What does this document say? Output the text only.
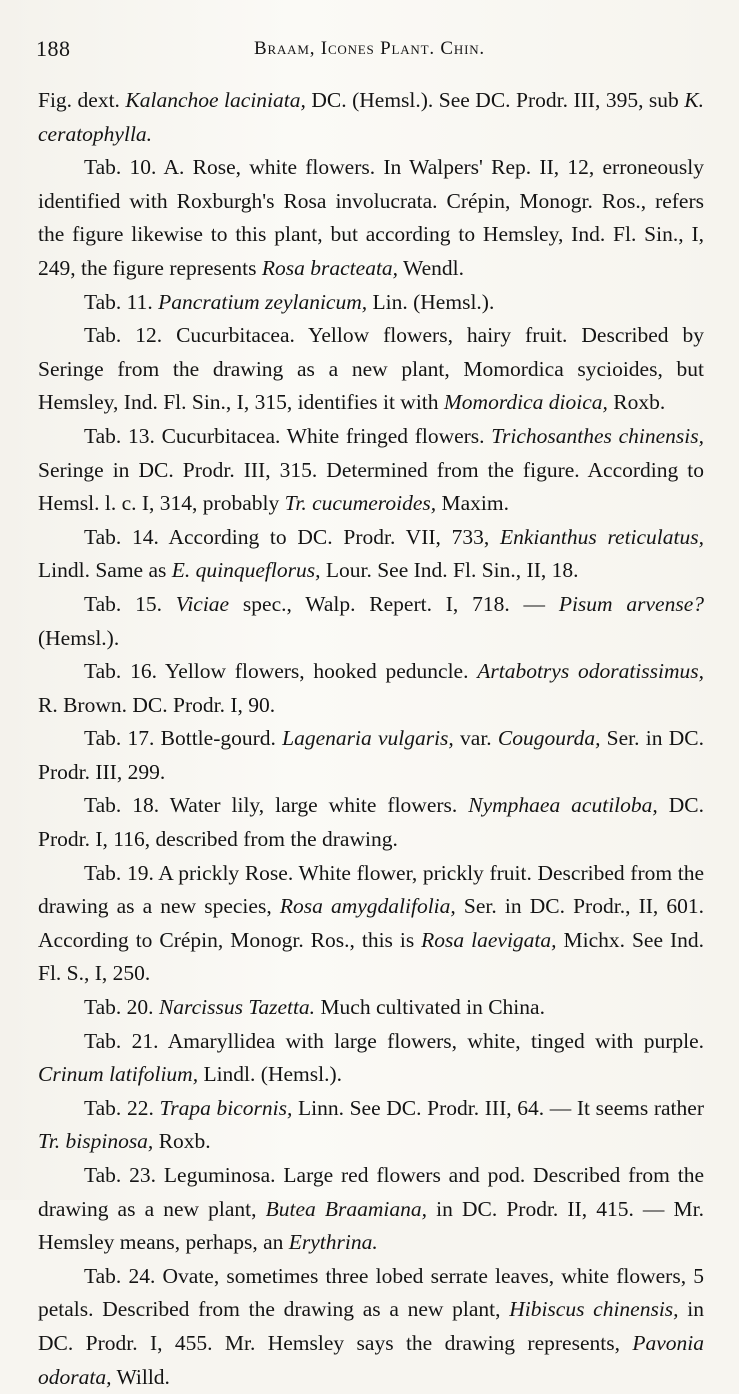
188	Braam, Icones Plant. Chin.

Fig. dext. Kalanchoe laciniata, DC. (Hemsl.). See DC. Prodr. III, 395, sub K. ceratophylla.

Tab. 10. A. Rose, white flowers. In Walpers' Rep. II, 12, erroneously identified with Roxburgh's Rosa involucrata. Crépin, Monogr. Ros., refers the figure likewise to this plant, but according to Hemsley, Ind. Fl. Sin., I, 249, the figure represents Rosa bracteata, Wendl.

Tab. 11. Pancratium zeylanicum, Lin. (Hemsl.).

Tab. 12. Cucurbitacea. Yellow flowers, hairy fruit. Described by Seringe from the drawing as a new plant, Momordica sycioides, but Hemsley, Ind. Fl. Sin., I, 315, identifies it with Momordica dioica, Roxb.

Tab. 13. Cucurbitacea. White fringed flowers. Trichosanthes chinensis, Seringe in DC. Prodr. III, 315. Determined from the figure. According to Hemsl. l. c. I, 314, probably Tr. cucumeroides, Maxim.

Tab. 14. According to DC. Prodr. VII, 733, Enkianthus reticulatus, Lindl. Same as E. quinqueflorus, Lour. See Ind. Fl. Sin., II, 18.

Tab. 15. Viciae spec., Walp. Repert. I, 718. — Pisum arvense? (Hemsl.).

Tab. 16. Yellow flowers, hooked peduncle. Artabotrys odoratissimus, R. Brown. DC. Prodr. I, 90.

Tab. 17. Bottle-gourd. Lagenaria vulgaris, var. Cougourda, Ser. in DC. Prodr. III, 299.

Tab. 18. Water lily, large white flowers. Nymphaea acutiloba, DC. Prodr. I, 116, described from the drawing.

Tab. 19. A prickly Rose. White flower, prickly fruit. Described from the drawing as a new species, Rosa amygdalifolia, Ser. in DC. Prodr., II, 601. According to Crépin, Monogr. Ros., this is Rosa laevigata, Michx. See Ind. Fl. S., I, 250.

Tab. 20. Narcissus Tazetta. Much cultivated in China.

Tab. 21. Amaryllidea with large flowers, white, tinged with purple. Crinum latifolium, Lindl. (Hemsl.).

Tab. 22. Trapa bicornis, Linn. See DC. Prodr. III, 64. — It seems rather Tr. bispinosa, Roxb.

Tab. 23. Leguminosa. Large red flowers and pod. Described from the drawing as a new plant, Butea Braamiana, in DC. Prodr. II, 415. — Mr. Hemsley means, perhaps, an Erythrina.

Tab. 24. Ovate, sometimes three lobed serrate leaves, white flowers, 5 petals. Described from the drawing as a new plant, Hibiscus chinensis, in DC. Prodr. I, 455. Mr. Hemsley says the drawing represents, Pavonia odorata, Willd.
